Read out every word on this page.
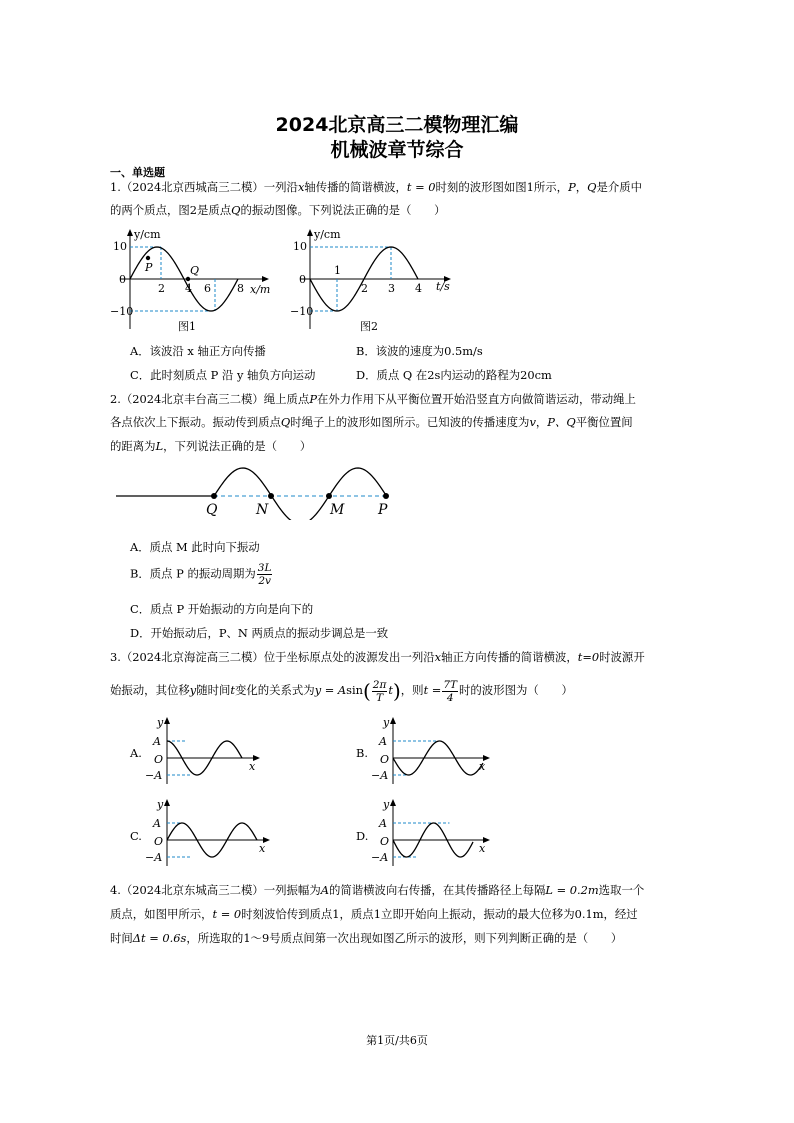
2024北京高三二模物理汇编
机械波章节综合
一、单选题
1.（2024北京西城高三二模）一列沿x轴传播的简谐横波，t = 0时刻的波形图如图1所示，P，Q是介质中
的两个质点，图2是质点Q的振动图像。下列说法正确的是（　　）
y/cm
x/m
P	Q
10
0
−10
2 4 6 8
图1
y/cm
t/s
10
0
−10
1
2 3 4
图2
A．该波沿 x 轴正方向传播	B．该波的速度为0.5m/s
C．此时刻质点 P 沿 y 轴负方向运动	D．质点 Q 在2s内运动的路程为20cm
2.（2024北京丰台高三二模）绳上质点P在外力作用下从平衡位置开始沿竖直方向做简谐运动，带动绳上
各点依次上下振动。振动传到质点Q时绳子上的波形如图所示。已知波的传播速度为v，P、Q平衡位置间
的距离为L，下列说法正确的是（　　）
Q	N	M P
A．质点 M 此时向下振动
B．质点 P 的振动周期为 $\frac{3L}{2v}$
C．质点 P 开始振动的方向是向下的
D．开始振动后，P、N 两质点的振动步调总是一致
3.（2024北京海淀高三二模）位于坐标原点处的波源发出一列沿x轴正方向传播的简谐横波，t=0时波源开
始振动，其位移y随时间t变化的关系式为$y = Asin( \frac{2\pi}{T} t)$，则$t = \frac{7T}{4}$ 时的波形图为（　　）
A.
y
x
A
O
−A
B.
y
x
A
O
−A
C.
y
x
A
O
−A
D.
y
x
A
O
−A
4.（2024北京东城高三二模）一列振幅为A的简谐横波向右传播，在其传播路径上每隔L = 0.2m选取一个
质点，如图甲所示，t = 0时刻波恰传到质点1，质点1立即开始向上振动，振动的最大位移为0.1m，经过
时间Δt = 0.6s，所选取的1～9号质点间第一次出现如图乙所示的波形，则下列判断正确的是（　　）
第1页/共6页
